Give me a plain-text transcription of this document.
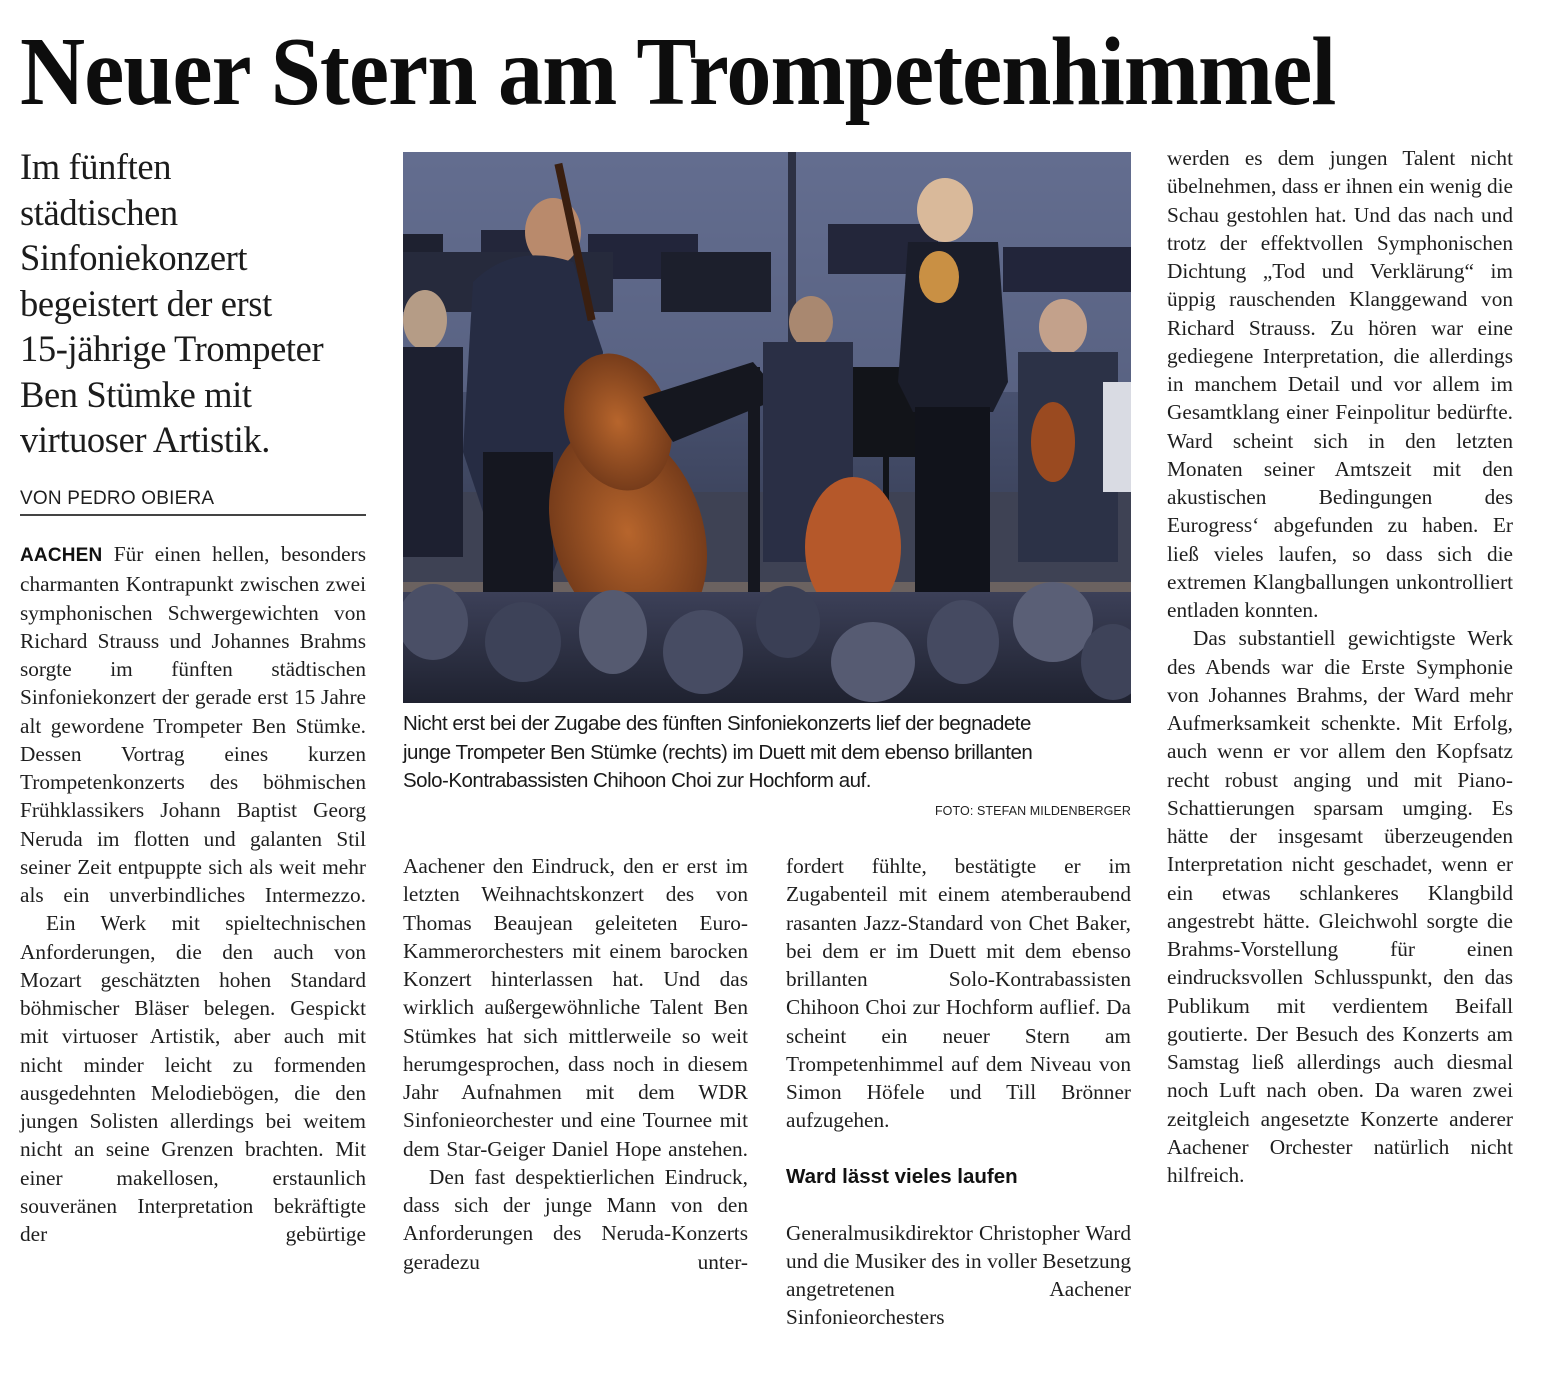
Neuer Stern am Trompetenhimmel
Im fünften
städtischen
Sinfoniekonzert
begeistert der erst
15-jährige Trompeter
Ben Stümke mit
virtuoser Artistik.
VON PEDRO OBIERA

AACHEN Für einen hellen, besonders charmanten Kontrapunkt zwischen zwei symphonischen Schwergewichten von Richard Strauss und Johannes Brahms sorgte im fünften städtischen Sinfoniekonzert der gerade erst 15 Jahre alt gewordene Trompeter Ben Stümke. Dessen Vortrag eines kurzen Trompetenkonzerts des böhmischen Frühklassikers Johann Baptist Georg Neruda im flotten und galanten Stil seiner Zeit entpuppte sich als weit mehr als ein unverbindliches Intermezzo.

Ein Werk mit spieltechnischen Anforderungen, die den auch von Mozart geschätzten hohen Standard böhmischer Bläser belegen. Gespickt mit virtuoser Artistik, aber auch mit nicht minder leicht zu formenden ausgedehnten Melodiebögen, die den jungen Solisten allerdings bei weitem nicht an seine Grenzen brachten. Mit einer makellosen, erstaunlich souveränen Interpretation bekräftigte der gebürtige

Nicht erst bei der Zugabe des fünften Sinfoniekonzerts lief der begnadete

junge Trompeter Ben Stümke (rechts) im Duett mit dem ebenso brillanten

Solo-Kontrabassisten Chihoon Choi zur Hochform auf.

FOTO: STEFAN MILDENBERGER

Aachener den Eindruck, den er erst im letzten Weihnachtskonzert des von Thomas Beaujean geleiteten Euro-Kammerorchesters mit einem barocken Konzert hinterlassen hat. Und das wirklich außergewöhnliche Talent Ben Stümkes hat sich mittlerweile so weit herumgesprochen, dass noch in diesem Jahr Aufnahmen mit dem WDR Sinfonieorchester und eine Tournee mit dem Star-Geiger Daniel Hope anstehen.

Den fast despektierlichen Eindruck, dass sich der junge Mann von den Anforderungen des Neruda-Konzerts geradezu unter-

fordert fühlte, bestätigte er im Zugabenteil mit einem atemberaubend rasanten Jazz-Standard von Chet Baker, bei dem er im Duett mit dem ebenso brillanten Solo-Kontrabassisten Chihoon Choi zur Hochform auflief. Da scheint ein neuer Stern am Trompetenhimmel auf dem Niveau von Simon Höfele und Till Brönner aufzugehen.

Ward lässt vieles laufen

Generalmusikdirektor Christopher Ward und die Musiker des in voller Besetzung angetretenen Aachener Sinfonieorchesters

werden es dem jungen Talent nicht übelnehmen, dass er ihnen ein wenig die Schau gestohlen hat. Und das nach und trotz der effektvollen Symphonischen Dichtung „Tod und Verklärung“ im üppig rauschenden Klanggewand von Richard Strauss. Zu hören war eine gediegene Interpretation, die allerdings in manchem Detail und vor allem im Gesamtklang einer Feinpolitur bedürfte. Ward scheint sich in den letzten Monaten seiner Amtszeit mit den akustischen Bedingungen des Eurogress‘ abgefunden zu haben. Er ließ vieles laufen, so dass sich die extremen Klangballungen unkontrolliert entladen konnten.

Das substantiell gewichtigste Werk des Abends war die Erste Symphonie von Johannes Brahms, der Ward mehr Aufmerksamkeit schenkte. Mit Erfolg, auch wenn er vor allem den Kopfsatz recht robust anging und mit Piano-Schattierungen sparsam umging. Es hätte der insgesamt überzeugenden Interpretation nicht geschadet, wenn er ein etwas schlankeres Klangbild angestrebt hätte. Gleichwohl sorgte die Brahms-Vorstellung für einen eindrucksvollen Schlusspunkt, den das Publikum mit verdientem Beifall goutierte. Der Besuch des Konzerts am Samstag ließ allerdings auch diesmal noch Luft nach oben. Da waren zwei zeitgleich angesetzte Konzerte anderer Aachener Orchester natürlich nicht hilfreich.
